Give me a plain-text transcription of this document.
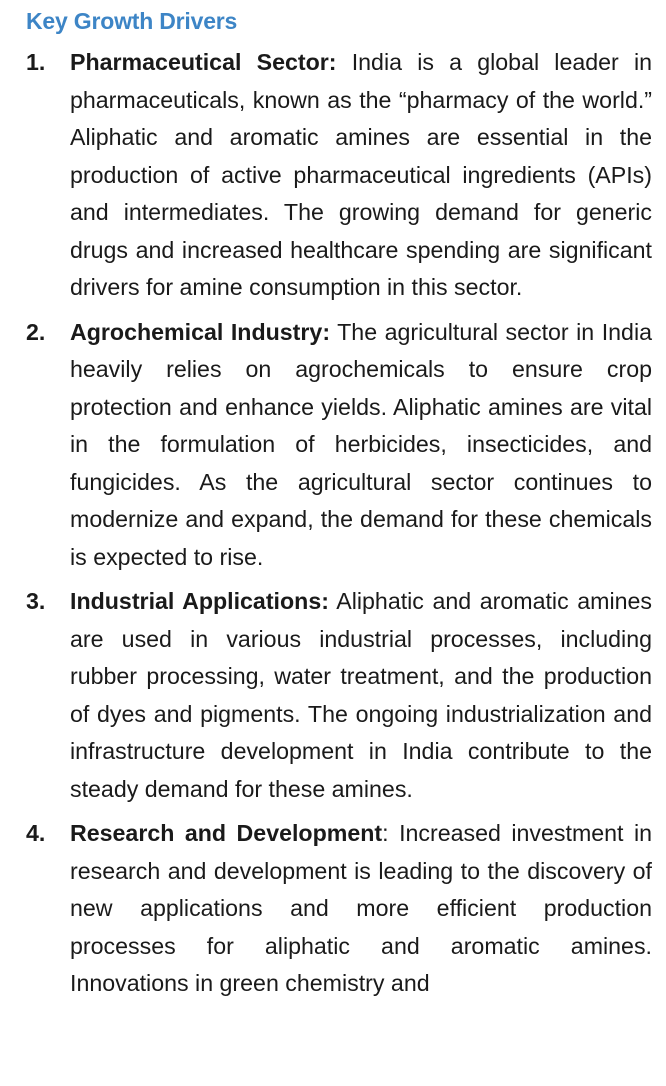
Key Growth Drivers
1. Pharmaceutical Sector: India is a global leader in pharmaceuticals, known as the “pharmacy of the world.” Aliphatic and aromatic amines are essential in the production of active pharmaceutical ingredients (APIs) and intermediates. The growing demand for generic drugs and increased healthcare spending are significant drivers for amine consumption in this sector.
2. Agrochemical Industry: The agricultural sector in India heavily relies on agrochemicals to ensure crop protection and enhance yields. Aliphatic amines are vital in the formulation of herbicides, insecticides, and fungicides. As the agricultural sector continues to modernize and expand, the demand for these chemicals is expected to rise.
3. Industrial Applications: Aliphatic and aromatic amines are used in various industrial processes, including rubber processing, water treatment, and the production of dyes and pigments. The ongoing industrialization and infrastructure development in India contribute to the steady demand for these amines.
4. Research and Development: Increased investment in research and development is leading to the discovery of new applications and more efficient production processes for aliphatic and aromatic amines. Innovations in green chemistry and
